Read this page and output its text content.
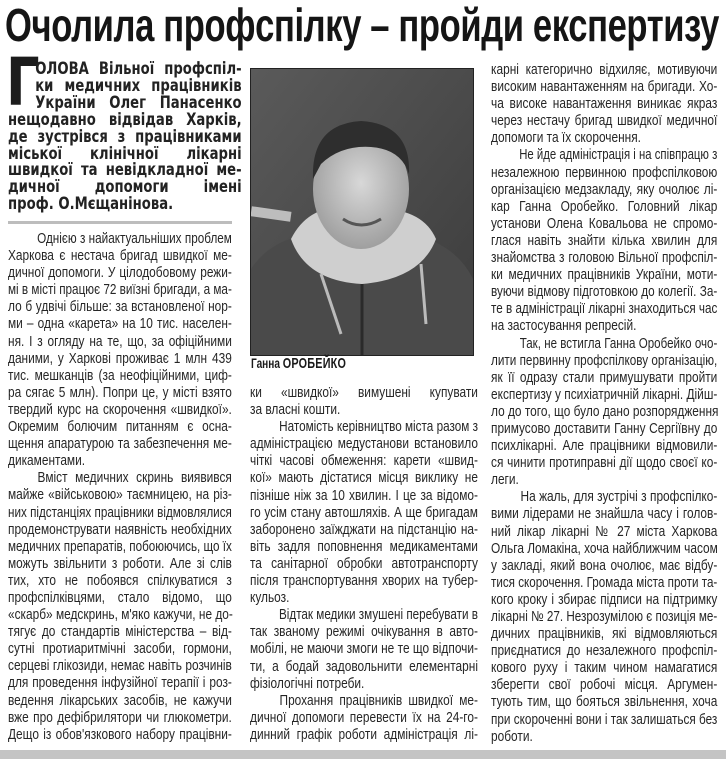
Очолила профспілку – пройди експертизу
Г
ОЛОВА Вільної профспіл-
ки медичних працівників
України Олег Панасенко
нещодавно відвідав Харків,
де зустрівся з працівниками
міської клінічної лікарні
швидкої та невідкладної ме-
дичної допомоги імені
проф. О.Мєщанінова.
Ганна ОРОБЕЙКО
Однією з найактуальніших проблем
Харкова є нестача бригад швидкої ме-
дичної допомоги. У цілодобовому режи-
мі в місті працює 72 виїзні бригади, а ма-
ло б удвічі більше: за встановленої нор-
ми – одна «карета» на 10 тис. населен-
ня. І з огляду на те, що, за офіційними
даними, у Харкові проживає 1 млн 439
тис. мешканців (за неофіційними, циф-
ра сягає 5 млн). Попри це, у місті взято
твердий курс на скорочення «швидкої».
Окремим болючим питанням є осна-
щення апаратурою та забезпечення ме-
дикаментами.
Вміст медичних скринь виявився
майже «військовою» таємницею, на різ-
них підстанціях працівники відмовлялися
продемонструвати наявність необхідних
медичних препаратів, побоюючись, що їх
можуть звільнити з роботи. Але зі слів
тих, хто не побоявся спілкуватися з
профспілківцями, стало відомо, що
«скарб» медскринь, м'яко кажучи, не до-
тягує до стандартів міністерства – від-
сутні протиаритмічні засоби, гормони,
серцеві глікозиди, немає навіть розчинів
для проведення інфузійної терапії і роз-
ведення лікарських засобів, не кажучи
вже про дефібрилятори чи глюкометри.
Дещо із обов'язкового набору працівни-
ки «швидкої» вимушені купувати
за власні кошти.
Натомість керівництво міста разом з
адміністрацією медустанови встановило
чіткі часові обмеження: карети «швид-
кої» мають дістатися місця виклику не
пізніше ніж за 10 хвилин. І це за відомо-
го усім стану автошляхів. А ще бригадам
заборонено заїжджати на підстанцію на-
віть задля поповнення медикаментами
та санітарної обробки автотранспорту
після транспортування хворих на тубер-
кульоз.
Відтак медики змушені перебувати в
так званому режимі очікування в авто-
мобілі, не маючи змоги не те що відпочи-
ти, а бодай задовольнити елементарні
фізіологічні потреби.
Прохання працівників швидкої ме-
дичної допомоги перевести їх на 24-го-
динний графік роботи адміністрація лі-
карні категорично відхиляє, мотивуючи
високим навантаженням на бригади. Хо-
ча високе навантаження виникає якраз
через нестачу бригад швидкої медичної
допомоги та їх скорочення.
Не йде адміністрація і на співпрацю з
незалежною первинною профспілковою
організацією медзакладу, яку очолює лі-
кар Ганна Оробейко. Головний лікар
установи Олена Ковальова не спромо-
глася навіть знайти кілька хвилин для
знайомства з головою Вільної профспіл-
ки медичних працівників України, моти-
вуючи відмову підготовкою до колегії. За-
те в адміністрації лікарні знаходиться час
на застосування репресій.
Так, не встигла Ганна Оробейко очо-
лити первинну профспілкову організацію,
як її одразу стали примушувати пройти
експертизу у психіатричній лікарні. Дійш-
ло до того, що було дано розпорядження
примусово доставити Ганну Сергіївну до
психлікарні. Але працівники відмовили-
ся чинити протиправні дії щодо своєї ко-
леги.
На жаль, для зустрічі з профспілко-
вими лідерами не знайшла часу і голов-
ний лікар лікарні № 27 міста Харкова
Ольга Ломакіна, хоча найближчим часом
у закладі, який вона очолює, має відбу-
тися скорочення. Громада міста проти та-
кого кроку і збирає підписи на підтримку
лікарні № 27. Незрозумілою є позиція ме-
дичних працівників, які відмовляються
приєднатися до незалежного профспіл-
кового руху і таким чином намагатися
зберегти свої робочі місця. Аргумен-
тують тим, що бояться звільнення, хоча
при скороченні вони і так залишаться без
роботи.
